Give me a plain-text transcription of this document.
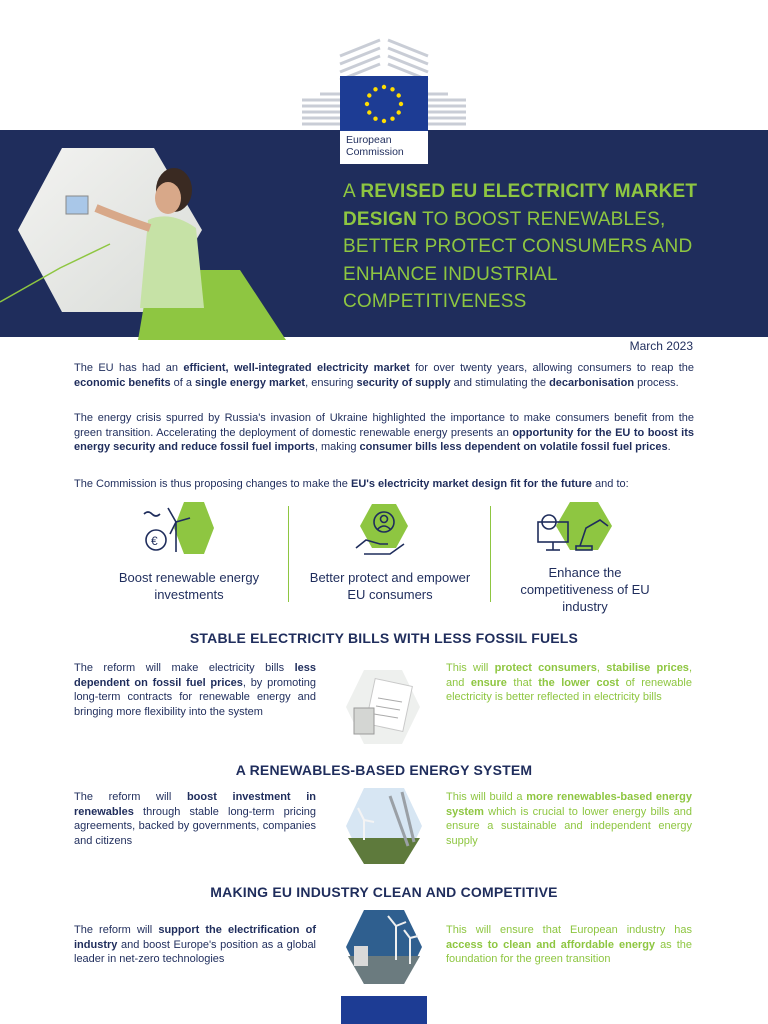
European
Commission
A REVISED EU ELECTRICITY MARKET DESIGN TO BOOST RENEWABLES, BETTER PROTECT CONSUMERS AND ENHANCE INDUSTRIAL COMPETITIVENESS
March 2023
The EU has had an efficient, well-integrated electricity market for over twenty years, allowing consumers to reap the economic benefits of a single energy market, ensuring security of supply and stimulating the decarbonisation process.
The energy crisis spurred by Russia's invasion of Ukraine highlighted the importance to make consumers benefit from the green transition. Accelerating the deployment of domestic renewable energy presents an opportunity for the EU to boost its energy security and reduce fossil fuel imports, making consumer bills less dependent on volatile fossil fuel prices.
The Commission is thus proposing changes to make the EU's electricity market design fit for the future and to:
€
Boost renewable energy investments
Better protect and empower EU consumers
Enhance the competitiveness of EU industry
STABLE ELECTRICITY BILLS WITH LESS FOSSIL FUELS
The reform will make electricity bills less dependent on fossil fuel prices, by promoting long-term contracts for renewable energy and bringing more flexibility into the system
This will protect consumers, stabilise prices, and ensure that the lower cost of renewable electricity is better reflected in electricity bills
A RENEWABLES-BASED ENERGY SYSTEM
The reform will boost investment in renewables through stable long-term pricing agreements, backed by governments, companies and citizens
This will build a more renewables-based energy system which is crucial to lower energy bills and ensure a sustainable and independent energy supply
MAKING EU INDUSTRY CLEAN AND COMPETITIVE
The reform will support the electrification of industry and boost Europe's position as a global leader in net-zero technologies
This will ensure that European industry has access to clean and affordable energy as the foundation for the green transition
